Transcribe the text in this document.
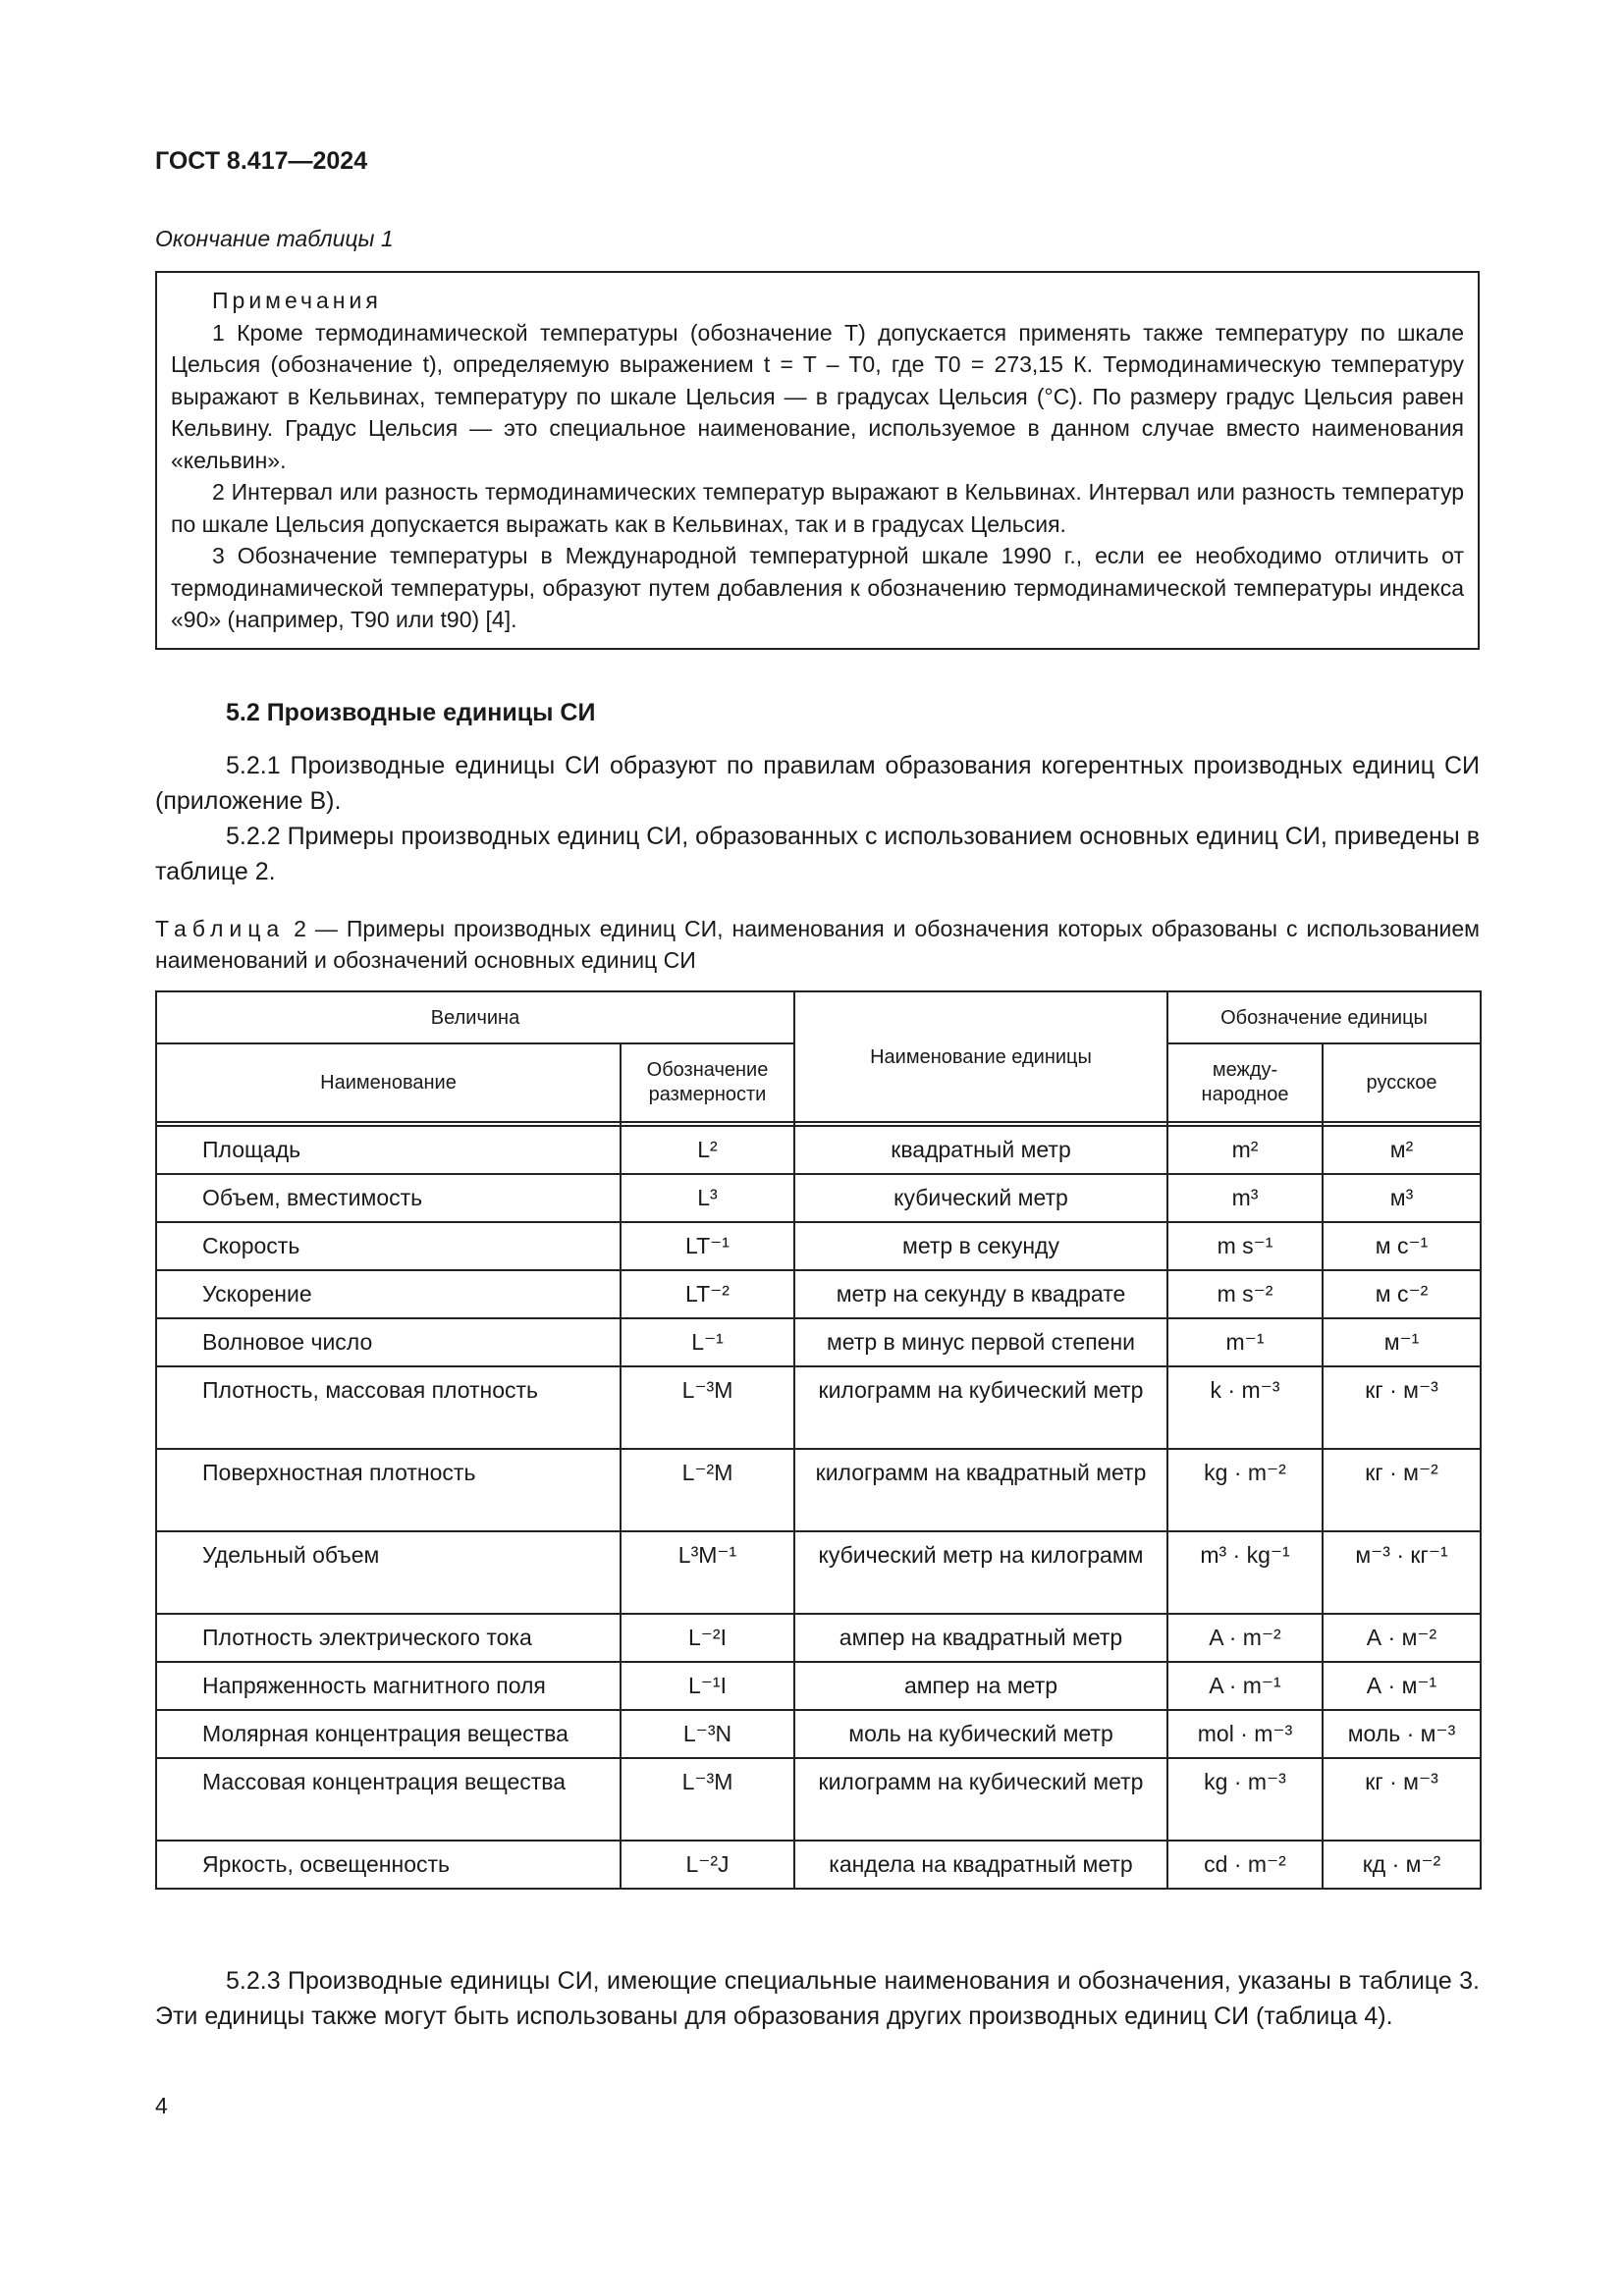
ГОСТ 8.417—2024
Окончание таблицы 1
Примечания

1 Кроме термодинамической температуры (обозначение T) допускается применять также температуру по шкале Цельсия (обозначение t), определяемую выражением t = T – T0, где T0 = 273,15 К. Термодинамическую температуру выражают в Кельвинах, температуру по шкале Цельсия — в градусах Цельсия (°С). По размеру градус Цельсия равен Кельвину. Градус Цельсия — это специальное наименование, используемое в данном случае вместо наименования «кельвин».

2 Интервал или разность термодинамических температур выражают в Кельвинах. Интервал или разность температур по шкале Цельсия допускается выражать как в Кельвинах, так и в градусах Цельсия.

3 Обозначение температуры в Международной температурной шкале 1990 г., если ее необходимо отличить от термодинамической температуры, образуют путем добавления к обозначению термодинамической температуры индекса «90» (например, T90 или t90) [4].

5.2 Производные единицы СИ

5.2.1 Производные единицы СИ образуют по правилам образования когерентных производных единиц СИ (приложение В).

5.2.2 Примеры производных единиц СИ, образованных с использованием основных единиц СИ, приведены в таблице 2.

Таблица 2 — Примеры производных единиц СИ, наименования и обозначения которых образованы с использованием наименований и обозначений основных единиц СИ
Величина		Наименование единицы	Обозначение единицы	
Наименование	Обозначение размерности		между-народное	русское

Площадь	L²	квадратный метр	m²	м²
Объем, вместимость	L³	кубический метр	m³	м³
Скорость	LT⁻¹	метр в секунду	m s⁻¹	м с⁻¹
Ускорение	LT⁻²	метр на секунду в квадрате	m s⁻²	м с⁻²
Волновое число	L⁻¹	метр в минус первой степени	m⁻¹	м⁻¹
Плотность, массовая плотность	L⁻³M	килограмм на кубический метр	k · m⁻³	кг · м⁻³
Поверхностная плотность	L⁻²M	килограмм на квадратный метр	kg · m⁻²	кг · м⁻²
Удельный объем	L³M⁻¹	кубический метр на килограмм	m³ · kg⁻¹	м⁻³ · кг⁻¹
Плотность электрического тока	L⁻²I	ампер на квадратный метр	A · m⁻²	А · м⁻²
Напряженность магнитного поля	L⁻¹I	ампер на метр	A · m⁻¹	А · м⁻¹
Молярная концентрация вещества	L⁻³N	моль на кубический метр	mol · m⁻³	моль · м⁻³
Массовая концентрация вещества	L⁻³M	килограмм на кубический метр	kg · m⁻³	кг · м⁻³
Яркость, освещенность	L⁻²J	кандела на квадратный метр	cd · m⁻²	кд · м⁻²

5.2.3 Производные единицы СИ, имеющие специальные наименования и обозначения, указаны в таблице 3. Эти единицы также могут быть использованы для образования других производных единиц СИ (таблица 4).

4
